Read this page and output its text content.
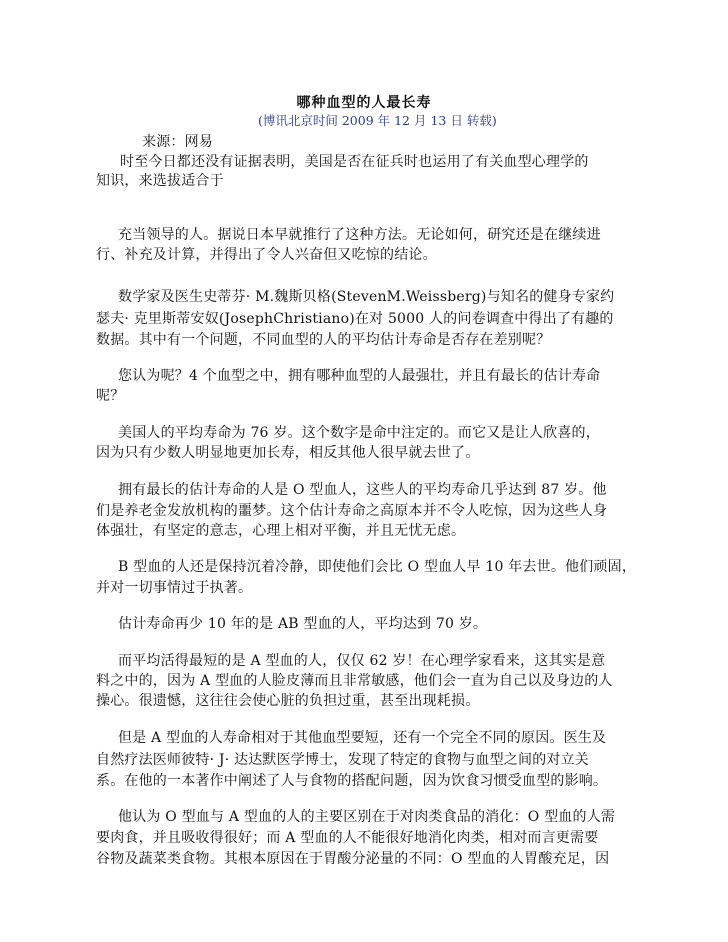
哪种血型的人最长寿
(博讯北京时间 2009 年 12 月 13 日 转载)
来源：网易
时至今日都还没有证据表明，美国是否在征兵时也运用了有关血型心理学的
知识，来选拔适合于
充当领导的人。据说日本早就推行了这种方法。无论如何，研究还是在继续进
行、补充及计算，并得出了令人兴奋但又吃惊的结论。
数学家及医生史蒂芬· M.魏斯贝格(StevenM.Weissberg)与知名的健身专家约
瑟夫· 克里斯蒂安奴(JosephChristiano)在对 5000 人的问卷调查中得出了有趣的
数据。其中有一个问题，不同血型的人的平均估计寿命是否存在差别呢？
您认为呢？4 个血型之中，拥有哪种血型的人最强壮，并且有最长的估计寿命
呢？
美国人的平均寿命为 76 岁。这个数字是命中注定的。而它又是让人欣喜的，
因为只有少数人明显地更加长寿，相反其他人很早就去世了。
拥有最长的估计寿命的人是 O 型血人，这些人的平均寿命几乎达到 87 岁。他
们是养老金发放机构的噩梦。这个估计寿命之高原本并不令人吃惊，因为这些人身
体强壮，有坚定的意志，心理上相对平衡，并且无忧无虑。
B 型血的人还是保持沉着冷静，即使他们会比 O 型血人早 10 年去世。他们顽固，
并对一切事情过于执著。
估计寿命再少 10 年的是 AB 型血的人，平均达到 70 岁。
而平均活得最短的是 A 型血的人，仅仅 62 岁！在心理学家看来，这其实是意
料之中的，因为 A 型血的人脸皮薄而且非常敏感，他们会一直为自己以及身边的人
操心。很遗憾，这往往会使心脏的负担过重，甚至出现耗损。
但是 A 型血的人寿命相对于其他血型要短，还有一个完全不同的原因。医生及
自然疗法医师彼特· J· 达达默医学博士，发现了特定的食物与血型之间的对立关
系。在他的一本著作中阐述了人与食物的搭配问题，因为饮食习惯受血型的影响。
他认为 O 型血与 A 型血的人的主要区别在于对肉类食品的消化：O 型血的人需
要肉食，并且吸收得很好；而 A 型血的人不能很好地消化肉类，相对而言更需要
谷物及蔬菜类食物。其根本原因在于胃酸分泌量的不同：O 型血的人胃酸充足，因
